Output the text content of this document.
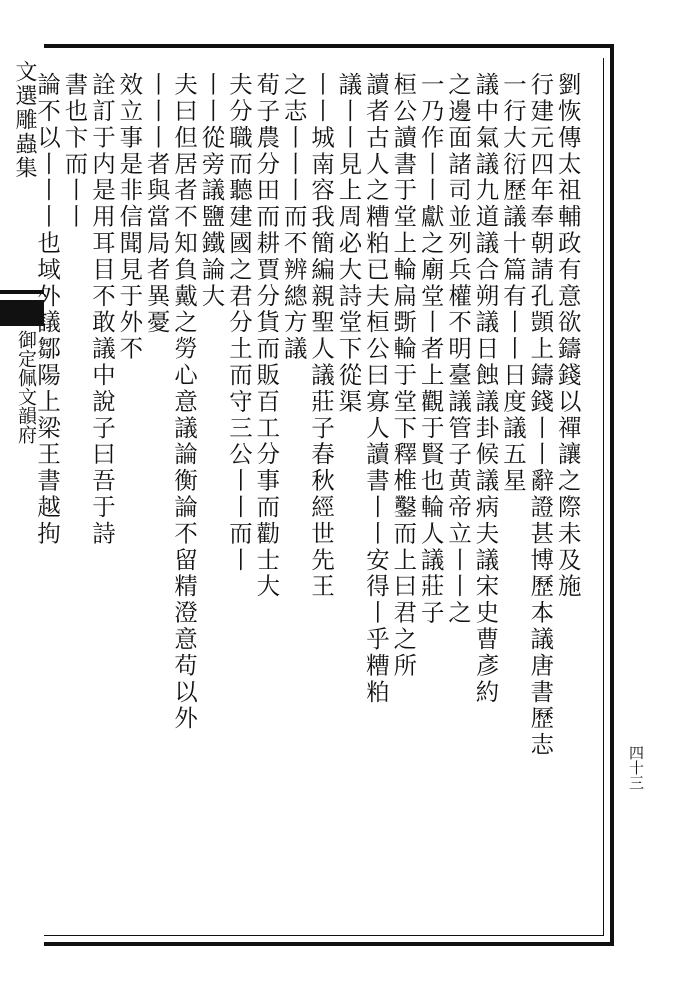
文選雕蟲集
御定佩文韻府	劉恢傳太祖輔政有意欲鑄錢以禪讓之際未及施
行建元四年奉朝請孔顗上鑄錢丨丨辭證甚博歷本議唐書歷志
一行大衍歷議十篇有丨丨日度議五星
議中氣議九道議合朔議日蝕議卦候議病夫議宋史曹彥約
之邊面諸司並列兵權不明臺議管子黄帝立丨丨之
一乃作丨丨獻之廟堂丨者上觀于賢也輪人議莊子
桓公讀書于堂上輪扁斲輪于堂下釋椎鑿而上曰君之所
讀者古人之糟粕已夫桓公曰寡人讀書丨丨安得丨乎糟粕
議丨丨見上周必大詩堂下從渠
丨丨城南容我簡編親聖人議莊子春秋經世先王
之志丨丨丨而不辨總方議
荀子農分田而耕賈分貨而販百工分事而勸士大
夫分職而聽建國之君分土而守三公丨丨而丨
丨丨從旁議鹽鐵論大
夫曰但居者不知負戴之勞心意議論衡論不留精澄意苟以外
丨丨丨者與當局者異憂
效立事是非信聞見于外不
詮訂于内是用耳目不敢議中說子曰吾于詩
書也卞而丨丨
論不以丨丨丨也域外議鄒陽上梁王書越拘
四十三
